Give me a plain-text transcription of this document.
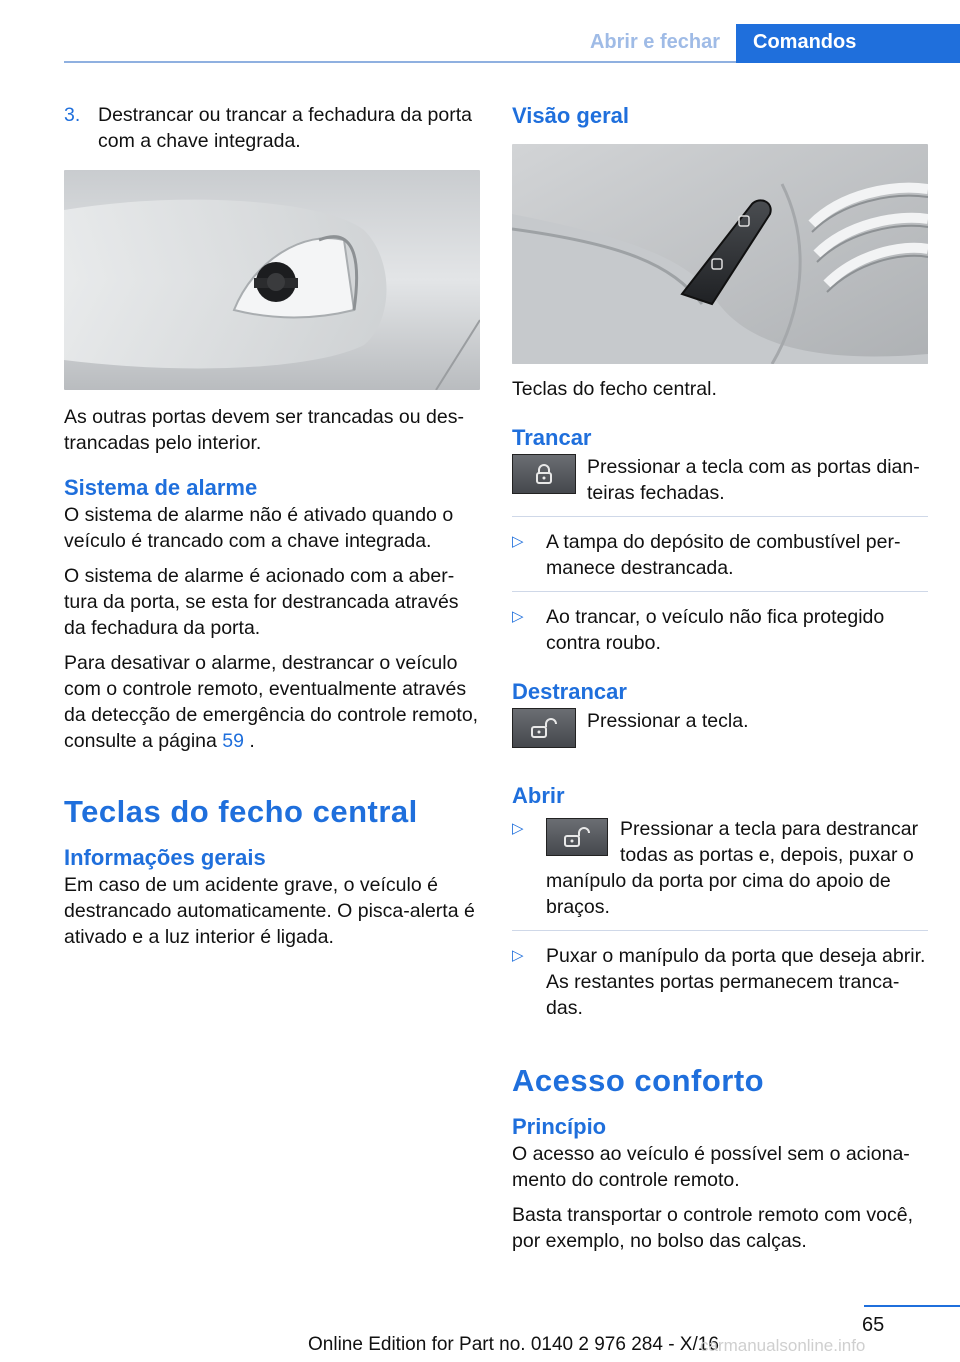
Abrir e fechar	Comandos
3. Destrancar ou trancar a fechadura da porta com a chave integrada.

As outras portas devem ser trancadas ou destrancadas pelo interior.

Sistema de alarme

O sistema de alarme não é ativado quando o veículo é trancado com a chave integrada.

O sistema de alarme é acionado com a abertura da porta, se esta for destrancada através da fechadura da porta.

Para desativar o alarme, destrancar o veículo com o controle remoto, eventualmente através da detecção de emergência do controle remoto, consulte a página 59 .

Teclas do fecho central
Informações gerais

Em caso de um acidente grave, o veículo é destrancado automaticamente. O pisca-alerta é ativado e a luz interior é ligada.

Visão geral

Teclas do fecho central.

Trancar

Pressionar a tecla com as portas dianteiras fechadas.

▷	A tampa do depósito de combustível permanece destrancada.

▷	Ao trancar, o veículo não fica protegido contra roubo.

Destrancar

Pressionar a tecla.

Abrir
▷	Pressionar a tecla para destrancar todas as portas e, depois, puxar o manípulo da porta por cima do apoio de braços.

▷	Puxar o manípulo da porta que deseja abrir. As restantes portas permanecem trancadas.

Acesso conforto
Princípio

O acesso ao veículo é possível sem o acionamento do controle remoto.

Basta transportar o controle remoto com você, por exemplo, no bolso das calças.

65
Online Edition for Part no. 0140 2 976 284 - X/16
carmanualsonline.info
